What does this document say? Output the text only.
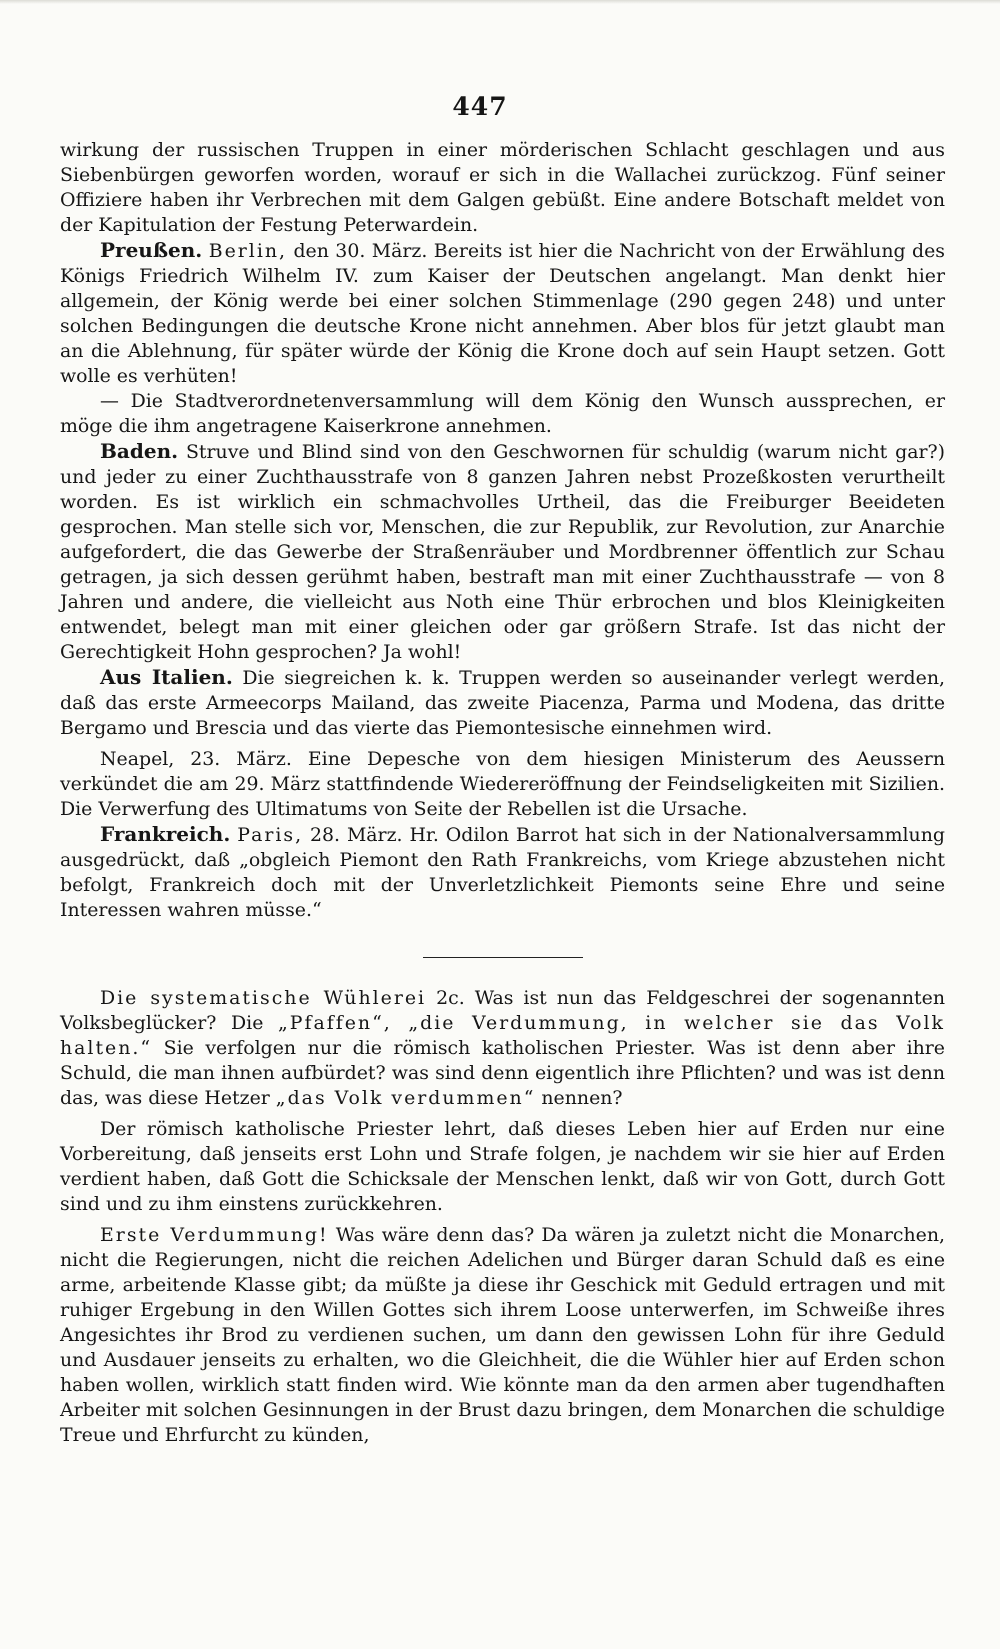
447

wirkung der russischen Truppen in einer mörderischen Schlacht geschlagen und aus Siebenbürgen geworfen worden, worauf er sich in die Wallachei zurückzog. Fünf seiner Offiziere haben ihr Verbrechen mit dem Galgen gebüßt. Eine andere Botschaft meldet von der Kapitulation der Festung Peterwardein.

Preußen. Berlin, den 30. März. Bereits ist hier die Nachricht von der Erwählung des Königs Friedrich Wilhelm IV. zum Kaiser der Deutschen angelangt. Man denkt hier allgemein, der König werde bei einer solchen Stimmenlage (290 gegen 248) und unter solchen Bedingungen die deutsche Krone nicht annehmen. Aber blos für jetzt glaubt man an die Ablehnung, für später würde der König die Krone doch auf sein Haupt setzen. Gott wolle es verhüten!

— Die Stadtverordnetenversammlung will dem König den Wunsch aussprechen, er möge die ihm angetragene Kaiserkrone annehmen.

Baden. Struve und Blind sind von den Geschwornen für schuldig (warum nicht gar?) und jeder zu einer Zuchthausstrafe von 8 ganzen Jahren nebst Prozeßkosten verurtheilt worden. Es ist wirklich ein schmachvolles Urtheil, das die Freiburger Beeideten gesprochen. Man stelle sich vor, Menschen, die zur Republik, zur Revolution, zur Anarchie aufgefordert, die das Gewerbe der Straßenräuber und Mordbrenner öffentlich zur Schau getragen, ja sich dessen gerühmt haben, bestraft man mit einer Zuchthausstrafe — von 8 Jahren und andere, die vielleicht aus Noth eine Thür erbrochen und blos Kleinigkeiten entwendet, belegt man mit einer gleichen oder gar größern Strafe. Ist das nicht der Gerechtigkeit Hohn gesprochen? Ja wohl!

Aus Italien. Die siegreichen k. k. Truppen werden so auseinander verlegt werden, daß das erste Armeecorps Mailand, das zweite Piacenza, Parma und Modena, das dritte Bergamo und Brescia und das vierte das Piemontesische einnehmen wird.

Neapel, 23. März. Eine Depesche von dem hiesigen Ministerum des Aeussern verkündet die am 29. März stattfindende Wiedereröffnung der Feindseligkeiten mit Sizilien. Die Verwerfung des Ultimatums von Seite der Rebellen ist die Ursache.

Frankreich. Paris, 28. März. Hr. Odilon Barrot hat sich in der Nationalversammlung ausgedrückt, daß „obgleich Piemont den Rath Frankreichs, vom Kriege abzustehen nicht befolgt, Frankreich doch mit der Unverletzlichkeit Piemonts seine Ehre und seine Interessen wahren müsse.“

Die systematische Wühlerei 2c. Was ist nun das Feldgeschrei der sogenannten Volksbeglücker? Die „Pfaffen“, „die Verdummung, in welcher sie das Volk halten.“ Sie verfolgen nur die römisch katholischen Priester. Was ist denn aber ihre Schuld, die man ihnen aufbürdet? was sind denn eigentlich ihre Pflichten? und was ist denn das, was diese Hetzer „das Volk verdummen“ nennen?

Der römisch katholische Priester lehrt, daß dieses Leben hier auf Erden nur eine Vorbereitung, daß jenseits erst Lohn und Strafe folgen, je nachdem wir sie hier auf Erden verdient haben, daß Gott die Schicksale der Menschen lenkt, daß wir von Gott, durch Gott sind und zu ihm einstens zurückkehren.

Erste Verdummung! Was wäre denn das? Da wären ja zuletzt nicht die Monarchen, nicht die Regierungen, nicht die reichen Adelichen und Bürger daran Schuld daß es eine arme, arbeitende Klasse gibt; da müßte ja diese ihr Geschick mit Geduld ertragen und mit ruhiger Ergebung in den Willen Gottes sich ihrem Loose unterwerfen, im Schweiße ihres Angesichtes ihr Brod zu verdienen suchen, um dann den gewissen Lohn für ihre Geduld und Ausdauer jenseits zu erhalten, wo die Gleichheit, die die Wühler hier auf Erden schon haben wollen, wirklich statt finden wird. Wie könnte man da den armen aber tugendhaften Arbeiter mit solchen Gesinnungen in der Brust dazu bringen, dem Monarchen die schuldige Treue und Ehrfurcht zu künden,
